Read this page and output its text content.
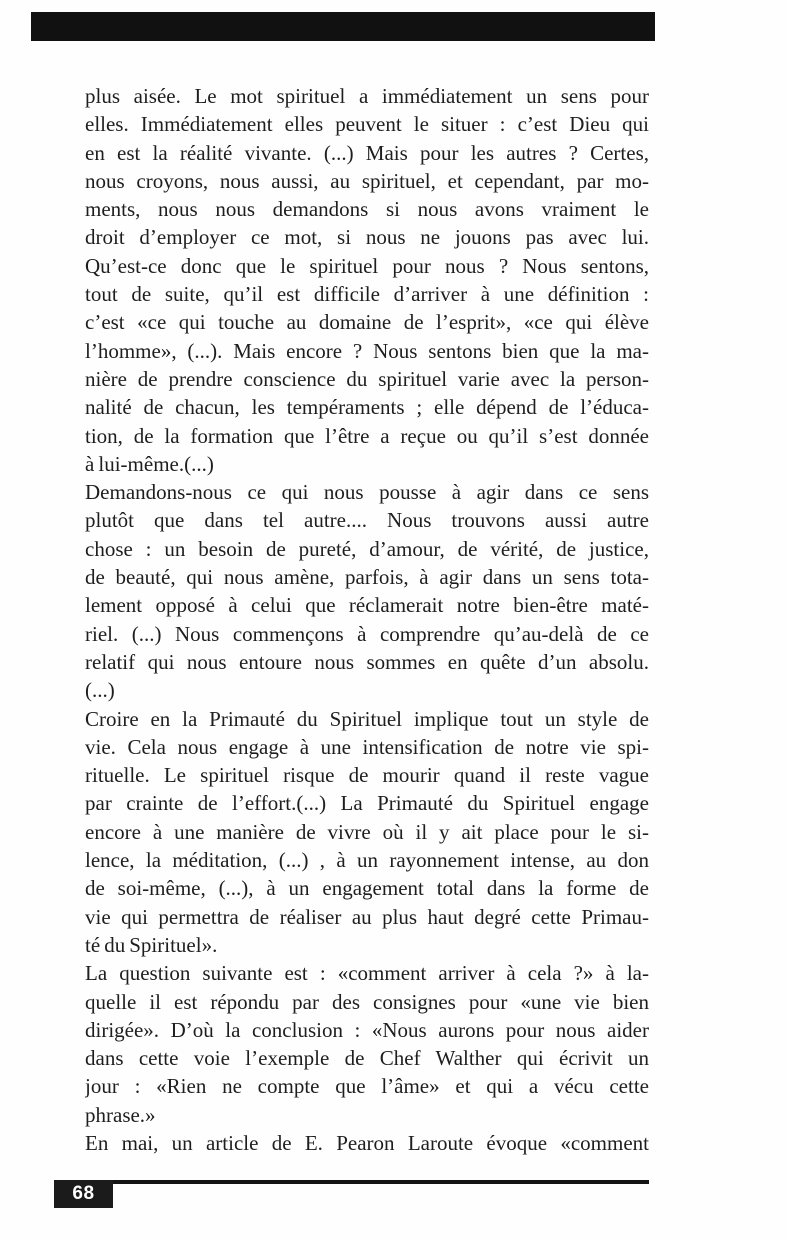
plus aisée. Le mot spirituel a immédiatement un sens pour
elles. Immédiatement elles peuvent le situer : c’est Dieu qui
en est la réalité vivante. (...) Mais pour les autres ? Certes,
nous croyons, nous aussi, au spirituel, et cependant, par mo-
ments, nous nous demandons si nous avons vraiment le
droit d’employer ce mot, si nous ne jouons pas avec lui.
Qu’est-ce donc que le spirituel pour nous ? Nous sentons,
tout de suite, qu’il est difficile d’arriver à une définition :
c’est «ce qui touche au domaine de l’esprit», «ce qui élève
l’homme», (...). Mais encore ? Nous sentons bien que la ma-
nière de prendre conscience du spirituel varie avec la person-
nalité de chacun, les tempéraments ; elle dépend de l’éduca-
tion, de la formation que l’être a reçue ou qu’il s’est donnée
à lui-même.(...)
Demandons-nous ce qui nous pousse à agir dans ce sens
plutôt que dans tel autre.... Nous trouvons aussi autre
chose : un besoin de pureté, d’amour, de vérité, de justice,
de beauté, qui nous amène, parfois, à agir dans un sens tota-
lement opposé à celui que réclamerait notre bien-être maté-
riel. (...) Nous commençons à comprendre qu’au-delà de ce
relatif qui nous entoure nous sommes en quête d’un absolu.
(...)
Croire en la Primauté du Spirituel implique tout un style de
vie. Cela nous engage à une intensification de notre vie spi-
rituelle. Le spirituel risque de mourir quand il reste vague
par crainte de l’effort.(...) La Primauté du Spirituel engage
encore à une manière de vivre où il y ait place pour le si-
lence, la méditation, (...) , à un rayonnement intense, au don
de soi-même, (...), à un engagement total dans la forme de
vie qui permettra de réaliser au plus haut degré cette Primau-
té du Spirituel».
La question suivante est : «comment arriver à cela ?» à la-
quelle il est répondu par des consignes pour «une vie bien
dirigée». D’où la conclusion : «Nous aurons pour nous aider
dans cette voie l’exemple de Chef Walther qui écrivit un
jour : «Rien ne compte que l’âme» et qui a vécu cette
phrase.»
En mai, un article de E. Pearon Laroute évoque «comment
68
